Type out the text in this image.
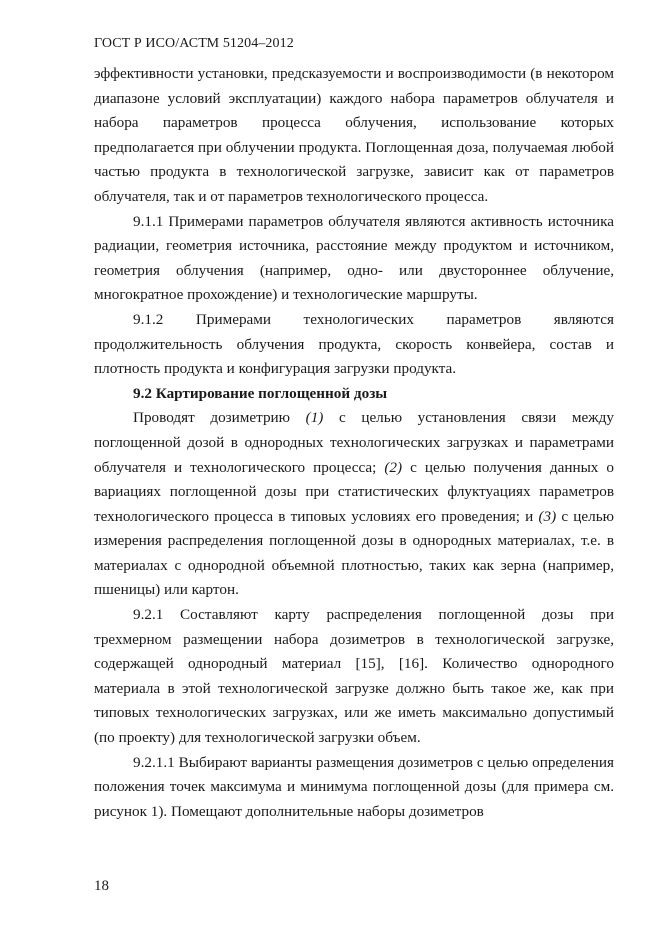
ГОСТ Р ИСО/АСТМ 51204–2012

эффективности установки, предсказуемости и воспроизводимости (в некотором диапазоне условий эксплуатации) каждого набора параметров облучателя и набора параметров процесса облучения, использование которых предполагается при облучении продукта. Поглощенная доза, получаемая любой частью продукта в технологической загрузке, зависит как от параметров облучателя, так и от параметров технологического процесса.

9.1.1 Примерами параметров облучателя являются активность источника радиации, геометрия источника, расстояние между продуктом и источником, геометрия облучения (например, одно- или двустороннее облучение, многократное прохождение) и технологические маршруты.

9.1.2 Примерами технологических параметров являются продолжительность облучения продукта, скорость конвейера, состав и плотность продукта и конфигурация загрузки продукта.

9.2 Картирование поглощенной дозы

Проводят дозиметрию (1) с целью установления связи между поглощенной дозой в однородных технологических загрузках и параметрами облучателя и технологического процесса; (2) с целью получения данных о вариациях поглощенной дозы при статистических флуктуациях параметров технологического процесса в типовых условиях его проведения; и (3) с целью измерения распределения поглощенной дозы в однородных материалах, т.е. в материалах с однородной объемной плотностью, таких как зерна (например, пшеницы) или картон.

9.2.1 Составляют карту распределения поглощенной дозы при трехмерном размещении набора дозиметров в технологической загрузке, содержащей однородный материал [15], [16]. Количество однородного материала в этой технологической загрузке должно быть такое же, как при типовых технологических загрузках, или же иметь максимально допустимый (по проекту) для технологической загрузки объем.

9.2.1.1 Выбирают варианты размещения дозиметров с целью определения положения точек максимума и минимума поглощенной дозы (для примера см. рисунок 1). Помещают дополнительные наборы дозиметров

18
